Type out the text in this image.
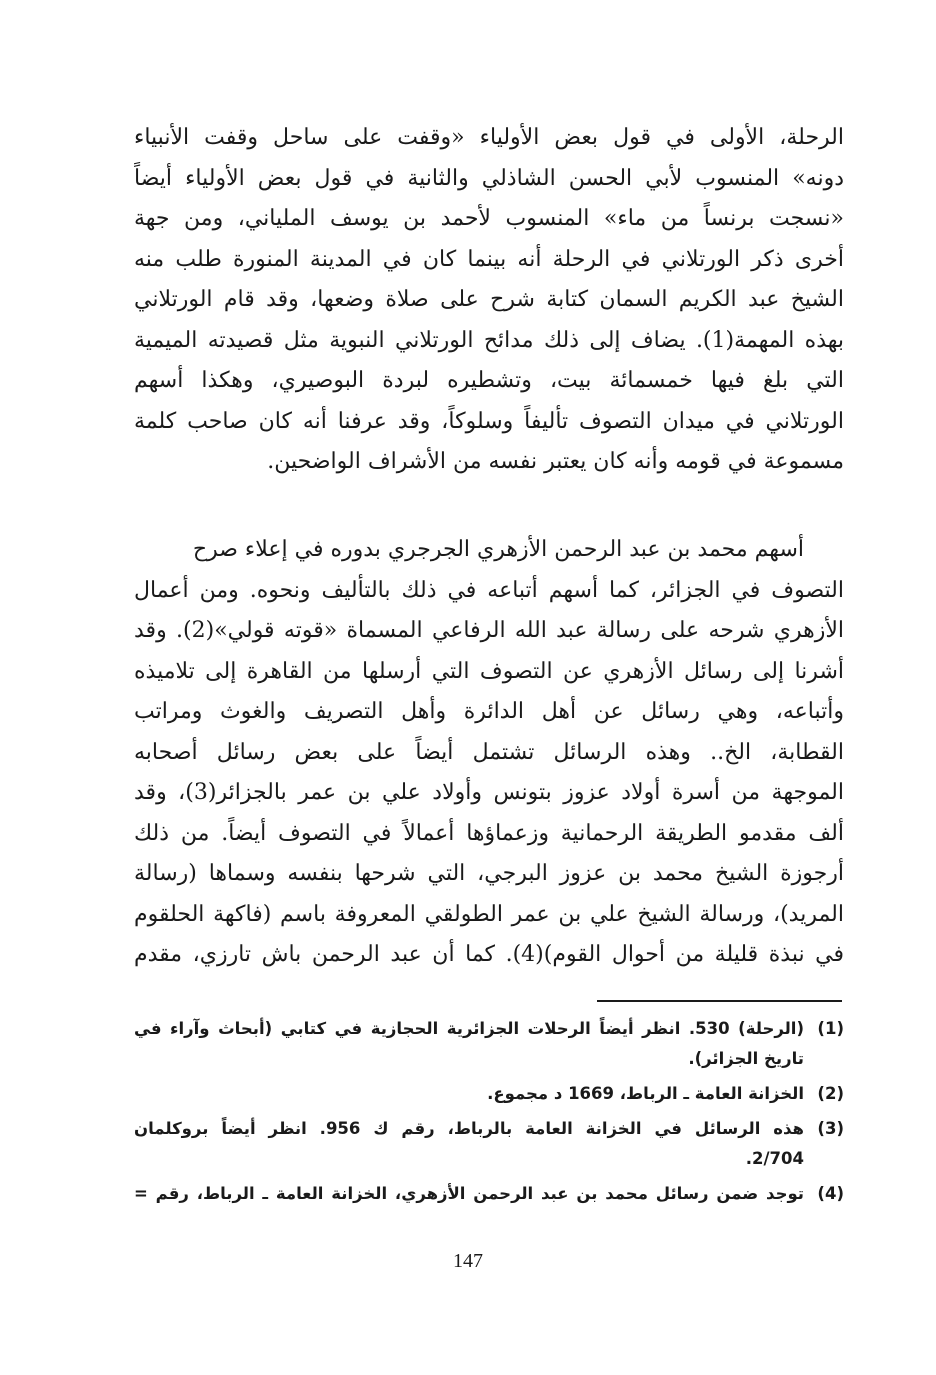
الرحلة، الأولى في قول بعض الأولياء «وقفت على ساحل وقفت الأنبياء
دونه» المنسوب لأبي الحسن الشاذلي والثانية في قول بعض الأولياء أيضاً
«نسجت برنساً من ماء» المنسوب لأحمد بن يوسف الملياني، ومن جهة
أخرى ذكر الورتلاني في الرحلة أنه بينما كان في المدينة المنورة طلب منه
الشيخ عبد الكريم السمان كتابة شرح على صلاة وضعها، وقد قام الورتلاني
بهذه المهمة(1). يضاف إلى ذلك مدائح الورتلاني النبوية مثل قصيدته الميمية
التي بلغ فيها خمسمائة بيت، وتشطيره لبردة البوصيري، وهكذا أسهم
الورتلاني في ميدان التصوف تأليفاً وسلوكاً، وقد عرفنا أنه كان صاحب كلمة
مسموعة في قومه وأنه كان يعتبر نفسه من الأشراف الواضحين.
أسهم محمد بن عبد الرحمن الأزهري الجرجري بدوره في إعلاء صرح
التصوف في الجزائر، كما أسهم أتباعه في ذلك بالتأليف ونحوه. ومن أعمال
الأزهري شرحه على رسالة عبد الله الرفاعي المسماة «قوته قولي»(2). وقد
أشرنا إلى رسائل الأزهري عن التصوف التي أرسلها من القاهرة إلى تلاميذه
وأتباعه، وهي رسائل عن أهل الدائرة وأهل التصريف والغوث ومراتب
القطابة، الخ.. وهذه الرسائل تشتمل أيضاً على بعض رسائل أصحابه
الموجهة من أسرة أولاد عزوز بتونس وأولاد علي بن عمر بالجزائر(3)، وقد
ألف مقدمو الطريقة الرحمانية وزعماؤها أعمالاً في التصوف أيضاً. من ذلك
أرجوزة الشيخ محمد بن عزوز البرجي، التي شرحها بنفسه وسماها (رسالة
المريد)، ورسالة الشيخ علي بن عمر الطولقي المعروفة باسم (فاكهة الحلقوم
في نبذة قليلة من أحوال القوم)(4). كما أن عبد الرحمن باش تارزي، مقدم
(1)
(الرحلة) 530. انظر أيضاً الرحلات الجزائرية الحجازية في كتابي (أبحاث وآراء في
تاريخ الجزائر).
(2)
الخزانة العامة ـ الرباط، 1669 د مجموع.
(3)
هذه الرسائل في الخزانة العامة بالرباط، رقم ك 956. انظر أيضاً بروكلمان
2/704.
(4)
توجد ضمن رسائل محمد بن عبد الرحمن الأزهري، الخزانة العامة ـ الرباط، رقم =
147
